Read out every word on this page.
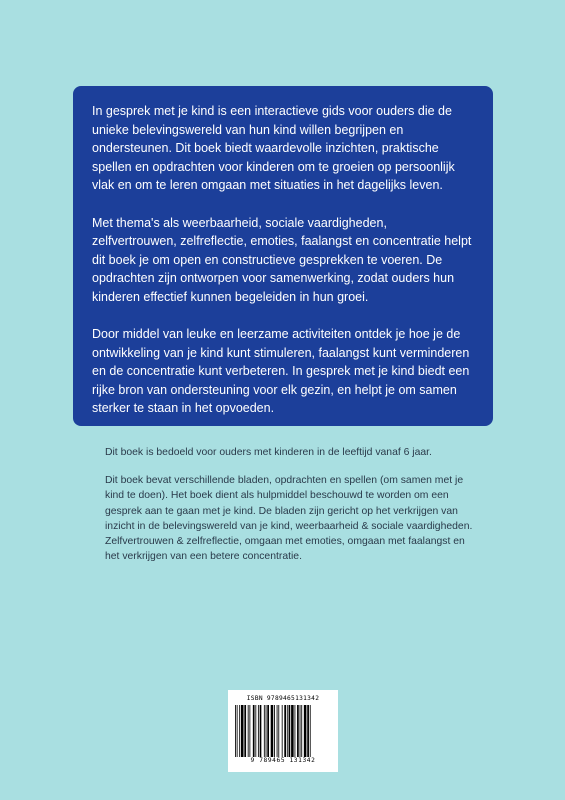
In gesprek met je kind is een interactieve gids voor ouders die de unieke belevingswereld van hun kind willen begrijpen en ondersteunen. Dit boek biedt waardevolle inzichten, praktische spellen en opdrachten voor kinderen om te groeien op persoonlijk vlak en om te leren omgaan met situaties in het dagelijks leven.

Met thema's als weerbaarheid, sociale vaardigheden, zelfvertrouwen, zelfreflectie, emoties, faalangst en concentratie helpt dit boek je om open en constructieve gesprekken te voeren. De opdrachten zijn ontworpen voor samenwerking, zodat ouders hun kinderen effectief kunnen begeleiden in hun groei.

Door middel van leuke en leerzame activiteiten ontdek je hoe je de ontwikkeling van je kind kunt stimuleren, faalangst kunt verminderen en de concentratie kunt verbeteren. In gesprek met je kind biedt een rijke bron van ondersteuning voor elk gezin, en helpt je om samen sterker te staan in het opvoeden.

Dit boek is bedoeld voor ouders met kinderen in de leeftijd vanaf 6 jaar.

Dit boek bevat verschillende bladen, opdrachten en spellen (om samen met je kind te doen). Het boek dient als hulpmiddel beschouwd te worden om een gesprek aan te gaan met je kind. De bladen zijn gericht op het verkrijgen van inzicht in de belevingswereld van je kind, weerbaarheid & sociale vaardigheden. Zelfvertrouwen & zelfreflectie, omgaan met emoties, omgaan met faalangst en het verkrijgen van een betere concentratie.

ISBN 9789465131342
9 789465 131342
